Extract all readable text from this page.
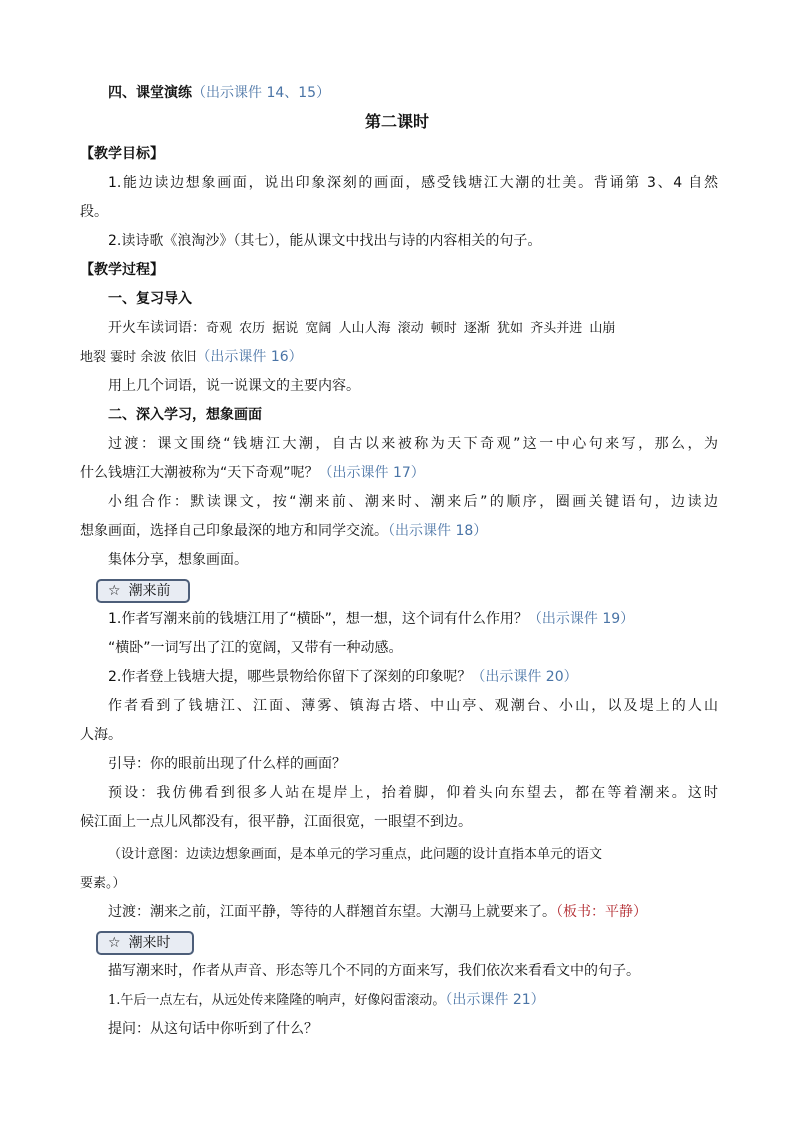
四、课堂演练（出示课件 14、15）
第二课时
【教学目标】
1.能边读边想象画面，说出印象深刻的画面，感受钱塘江大潮的壮美。背诵第 3、4 自然
段。
2.读诗歌《浪淘沙》（其七），能从课文中找出与诗的内容相关的句子。
【教学过程】
一、复习导入
开火车读词语：奇观 农历 据说 宽阔 人山人海 滚动 顿时 逐渐 犹如 齐头并进 山崩
地裂 霎时 余波 依旧（出示课件 16）
用上几个词语，说一说课文的主要内容。
二、深入学习，想象画面
过渡：课文围绕“钱塘江大潮，自古以来被称为天下奇观”这一中心句来写，那么，为
什么钱塘江大潮被称为“天下奇观”呢？（出示课件 17）
小组合作：默读课文，按“潮来前、潮来时、潮来后”的顺序，圈画关键语句，边读边
想象画面，选择自己印象最深的地方和同学交流。（出示课件 18）
集体分享，想象画面。
☆ 潮来前
1.作者写潮来前的钱塘江用了“横卧”，想一想，这个词有什么作用？（出示课件 19）
“横卧”一词写出了江的宽阔，又带有一种动感。
2.作者登上钱塘大提，哪些景物给你留下了深刻的印象呢？（出示课件 20）
作者看到了钱塘江、江面、薄雾、镇海古塔、中山亭、观潮台、小山，以及堤上的人山
人海。
引导：你的眼前出现了什么样的画面？
预设：我仿佛看到很多人站在堤岸上，抬着脚，仰着头向东望去，都在等着潮来。这时
候江面上一点儿风都没有，很平静，江面很宽，一眼望不到边。
（设计意图：边读边想象画面，是本单元的学习重点，此问题的设计直指本单元的语文
要素。）
过渡：潮来之前，江面平静，等待的人群翘首东望。大潮马上就要来了。（板书：平静）
☆ 潮来时
描写潮来时，作者从声音、形态等几个不同的方面来写，我们依次来看看文中的句子。
1.午后一点左右，从远处传来隆隆的响声，好像闷雷滚动。（出示课件 21）
提问：从这句话中你听到了什么？
